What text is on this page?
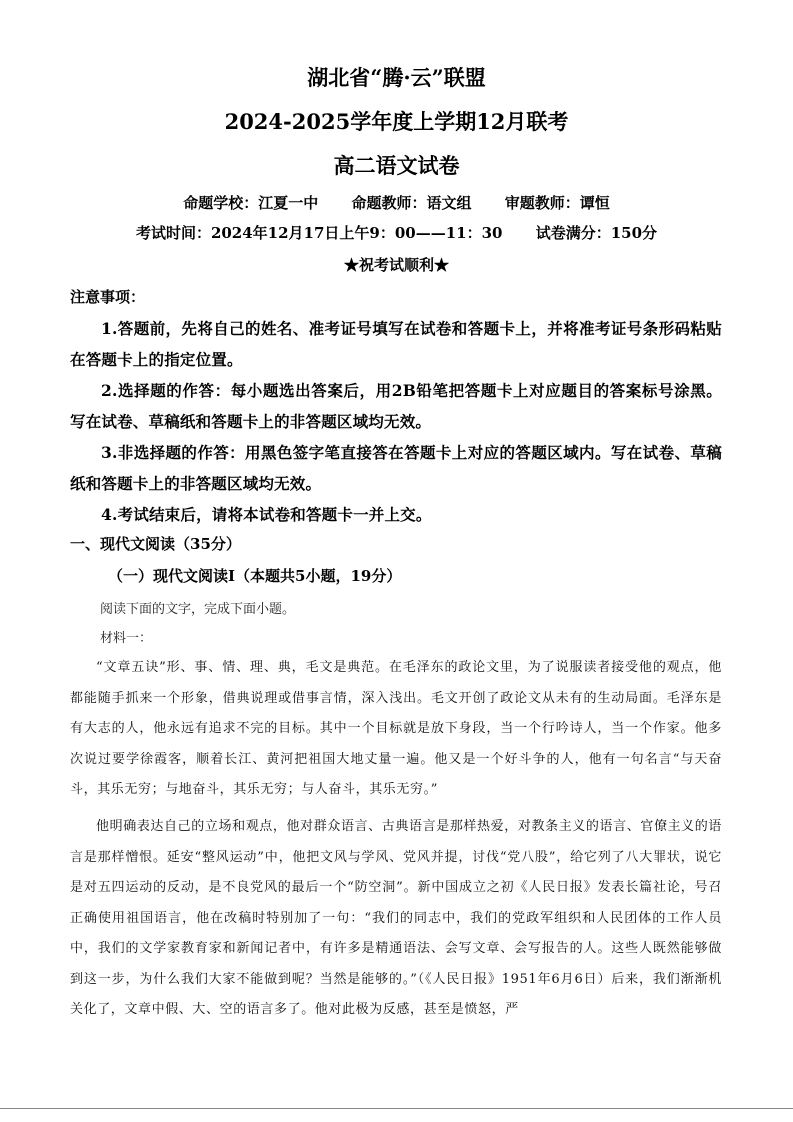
湖北省“腾·云”联盟
2024-2025学年度上学期12月联考
高二语文试卷
命题学校：江夏一中 命题教师：语文组 审题教师：谭恒
考试时间：2024年12月17日上午9：00——11：30 试卷满分：150分
★祝考试顺利★
注意事项：

1.答题前，先将自己的姓名、准考证号填写在试卷和答题卡上，并将准考证号条形码粘贴在答题卡上的指定位置。

2.选择题的作答：每小题选出答案后，用2B铅笔把答题卡上对应题目的答案标号涂黑。写在试卷、草稿纸和答题卡上的非答题区域均无效。

3.非选择题的作答：用黑色签字笔直接答在答题卡上对应的答题区域内。写在试卷、草稿纸和答题卡上的非答题区域均无效。

4.考试结束后，请将本试卷和答题卡一并上交。

一、现代文阅读（35分）
（一）现代文阅读Ⅰ（本题共5小题，19分）
阅读下面的文字，完成下面小题。
材料一：

“文章五诀”形、事、情、理、典，毛文是典范。在毛泽东的政论文里，为了说服读者接受他的观点，他都能随手抓来一个形象，借典说理或借事言情，深入浅出。毛文开创了政论文从未有的生动局面。毛泽东是有大志的人，他永远有追求不完的目标。其中一个目标就是放下身段，当一个行吟诗人，当一个作家。他多次说过要学徐霞客，顺着长江、黄河把祖国大地丈量一遍。他又是一个好斗争的人，他有一句名言“与天奋斗，其乐无穷；与地奋斗，其乐无穷；与人奋斗，其乐无穷。”

他明确表达自己的立场和观点，他对群众语言、古典语言是那样热爱，对教条主义的语言、官僚主义的语言是那样憎恨。延安“整风运动”中，他把文风与学风、党风并提，讨伐“党八股”，给它列了八大罪状，说它是对五四运动的反动，是不良党风的最后一个“防空洞”。新中国成立之初《人民日报》发表长篇社论，号召正确使用祖国语言，他在改稿时特别加了一句：“我们的同志中，我们的党政军组织和人民团体的工作人员中，我们的文学家教育家和新闻记者中，有许多是精通语法、会写文章、会写报告的人。这些人既然能够做到这一步，为什么我们大家不能做到呢？当然是能够的。”（《人民日报》1951年6月6日）后来，我们渐渐机关化了，文章中假、大、空的语言多了。他对此极为反感，甚至是愤怒，严
